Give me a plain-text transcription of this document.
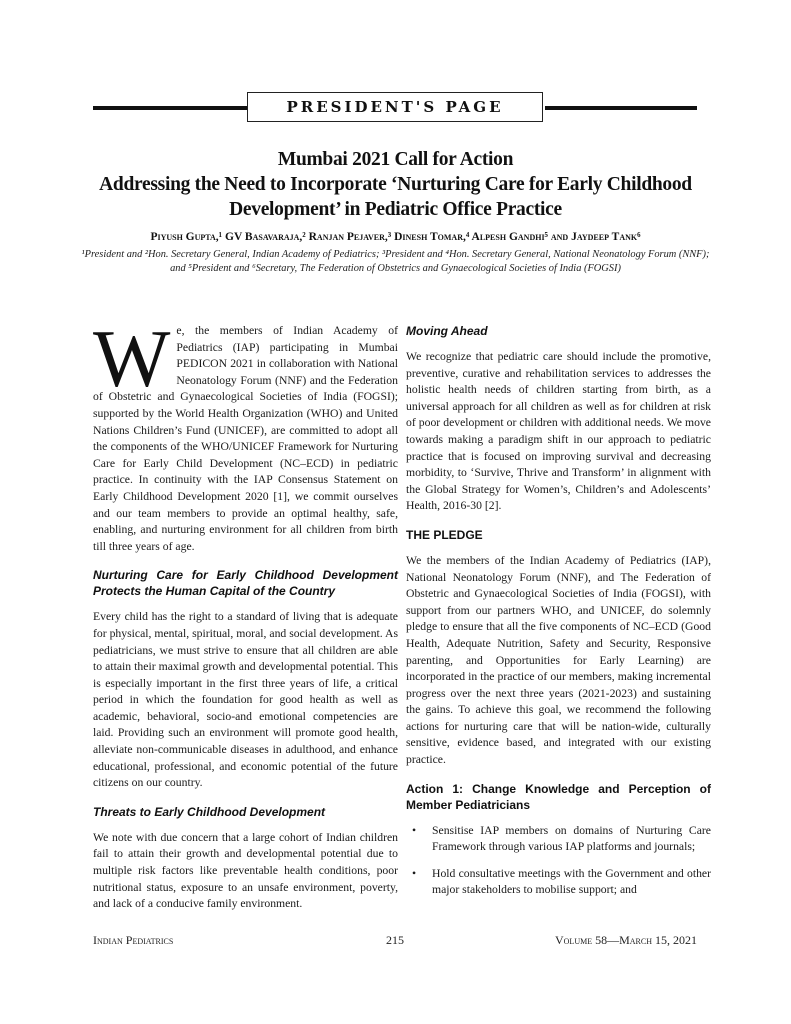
PRESIDENT'S PAGE
Mumbai 2021 Call for Action
Addressing the Need to Incorporate ‘Nurturing Care for Early Childhood
Development’ in Pediatric Office Practice
Piyush Gupta,¹ GV Basavaraja,² Ranjan Pejaver,³ Dinesh Tomar,⁴ Alpesh Gandhi⁵ and Jaydeep Tank⁶
¹President and ²Hon. Secretary General, Indian Academy of Pediatrics; ³President and ⁴Hon. Secretary General, National Neonatology Forum (NNF); and ⁵President and ⁶Secretary, The Federation of Obstetrics and Gynaecological Societies of India (FOGSI)

We, the members of Indian Academy of Pediatrics (IAP) participating in Mumbai PEDICON 2021 in collaboration with National Neonatology Forum (NNF) and the Federation of Obstetric and Gynaecological Societies of India (FOGSI); supported by the World Health Organization (WHO) and United Nations Children’s Fund (UNICEF), are committed to adopt all the components of the WHO/UNICEF Framework for Nurturing Care for Early Child Development (NC–ECD) in pediatric practice. In continuity with the IAP Consensus Statement on Early Childhood Development 2020 [1], we commit ourselves and our team members to provide an optimal healthy, safe, enabling, and nurturing environment for all children from birth till three years of age.

Nurturing Care for Early Childhood Development Protects the Human Capital of the Country

Every child has the right to a standard of living that is adequate for physical, mental, spiritual, moral, and social development. As pediatricians, we must strive to ensure that all children are able to attain their maximal growth and developmental potential. This is especially important in the first three years of life, a critical period in which the foundation for good health as well as academic, behavioral, socio-and emotional competencies are laid. Providing such an environment will promote good health, alleviate non-communicable diseases in adulthood, and enhance educational, professional, and economic potential of the future citizens on our country.

Threats to Early Childhood Development

We note with due concern that a large cohort of Indian children fail to attain their growth and developmental potential due to multiple risk factors like preventable health conditions, poor nutritional status, exposure to an unsafe environment, poverty, and lack of a conducive family environment.

Moving Ahead

We recognize that pediatric care should include the promotive, preventive, curative and rehabilitation services to addresses the holistic health needs of children starting from birth, as a universal approach for all children as well as for children at risk of poor development or children with additional needs. We move towards making a paradigm shift in our approach to pediatric practice that is focused on improving survival and decreasing morbidity, to ‘Survive, Thrive and Transform’ in alignment with the Global Strategy for Women’s, Children’s and Adolescents’ Health, 2016-30 [2].

THE PLEDGE

We the members of the Indian Academy of Pediatrics (IAP), National Neonatology Forum (NNF), and The Federation of Obstetric and Gynaecological Societies of India (FOGSI), with support from our partners WHO, and UNICEF, do solemnly pledge to ensure that all the five components of NC–ECD (Good Health, Adequate Nutrition, Safety and Security, Responsive parenting, and Opportunities for Early Learning) are incorporated in the practice of our members, making incremental progress over the next three years (2021-2023) and sustaining the gains. To achieve this goal, we recommend the following actions for nurturing care that will be nation-wide, culturally sensitive, evidence based, and integrated with our existing practice.

Action 1: Change Knowledge and Perception of Member Pediatricians
• Sensitise IAP members on domains of Nurturing Care Framework through various IAP platforms and journals;
• Hold consultative meetings with the Government and other major stakeholders to mobilise support; and
Indian Pediatrics	215	Volume 58—March 15, 2021
